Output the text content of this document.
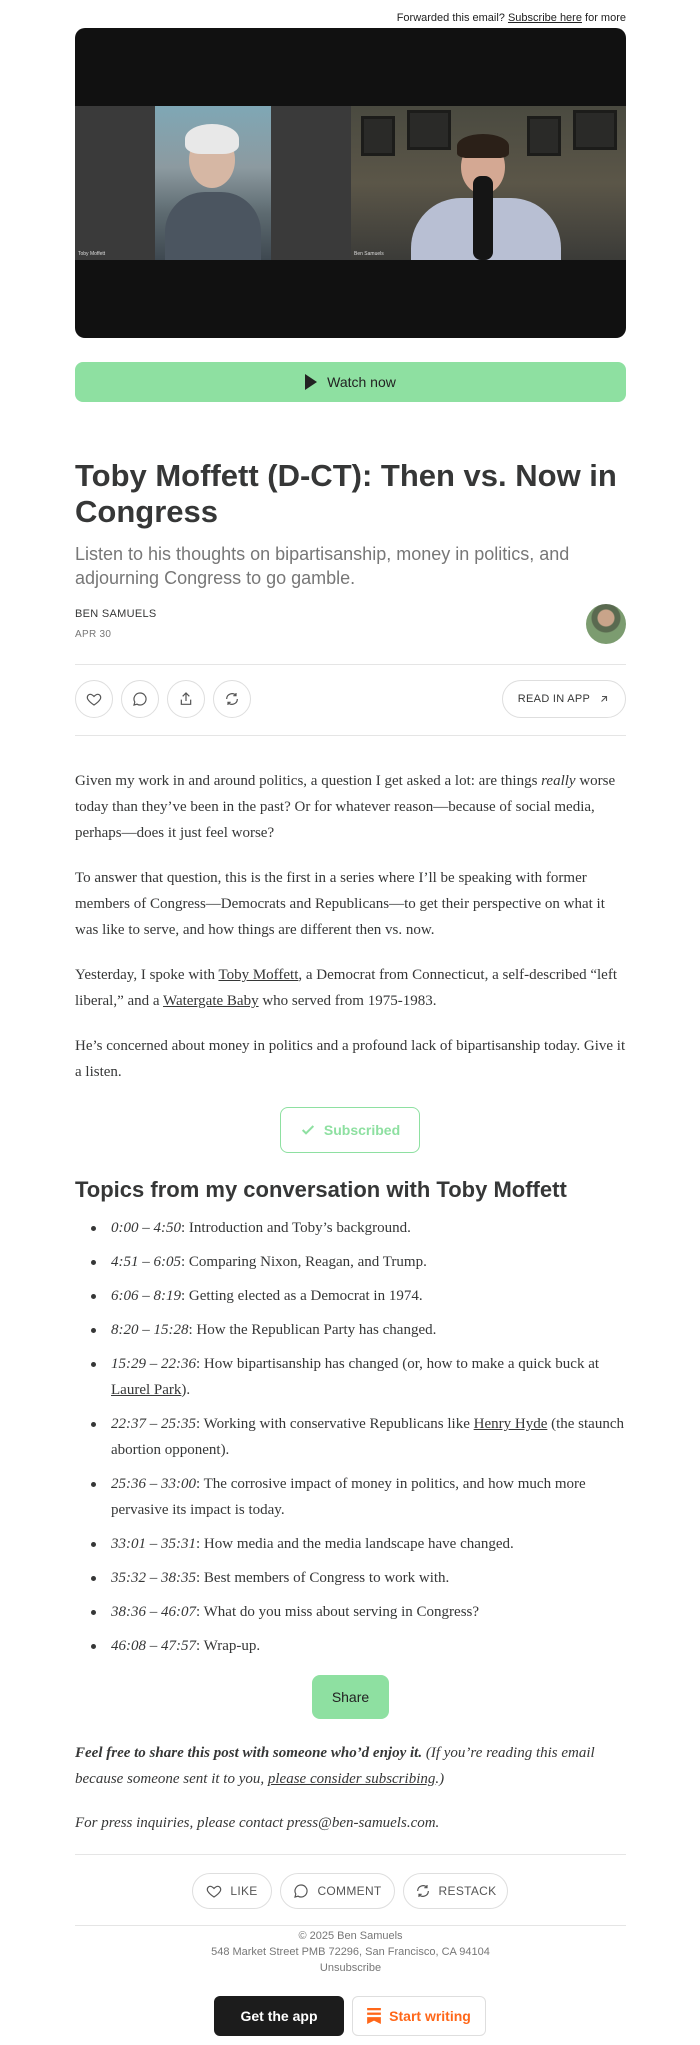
Forwarded this email? Subscribe here for more
Toby Moffett	Ben Samuels
Watch now
Toby Moffett (D-CT): Then vs. Now in Congress
Listen to his thoughts on bipartisanship, money in politics, and adjourning Congress to go gamble.
BEN SAMUELS
APR 30
READ IN APP
Given my work in and around politics, a question I get asked a lot: are things really worse today than they’ve been in the past? Or for whatever reason—because of social media, perhaps—does it just feel worse?
To answer that question, this is the first in a series where I’ll be speaking with former members of Congress—Democrats and Republicans—to get their perspective on what it was like to serve, and how things are different then vs. now.
Yesterday, I spoke with Toby Moffett, a Democrat from Connecticut, a self-described “left liberal,” and a Watergate Baby who served from 1975-1983.
He’s concerned about money in politics and a profound lack of bipartisanship today. Give it a listen.
Subscribed
Topics from my conversation with Toby Moffett
0:00 – 4:50: Introduction and Toby’s background.
4:51 – 6:05: Comparing Nixon, Reagan, and Trump.
6:06 – 8:19: Getting elected as a Democrat in 1974.
8:20 – 15:28: How the Republican Party has changed.
15:29 – 22:36: How bipartisanship has changed (or, how to make a quick buck at Laurel Park).
22:37 – 25:35: Working with conservative Republicans like Henry Hyde (the staunch abortion opponent).
25:36 – 33:00: The corrosive impact of money in politics, and how much more pervasive its impact is today.
33:01 – 35:31: How media and the media landscape have changed.
35:32 – 38:35: Best members of Congress to work with.
38:36 – 46:07: What do you miss about serving in Congress?
46:08 – 47:57: Wrap-up.
Share
Feel free to share this post with someone who’d enjoy it. (If you’re reading this email because someone sent it to you, please consider subscribing.)
For press inquiries, please contact press@ben-samuels.com.
LIKE	COMMENT	RESTACK
© 2025 Ben Samuels
548 Market Street PMB 72296, San Francisco, CA 94104
Unsubscribe
Get the app	Start writing
